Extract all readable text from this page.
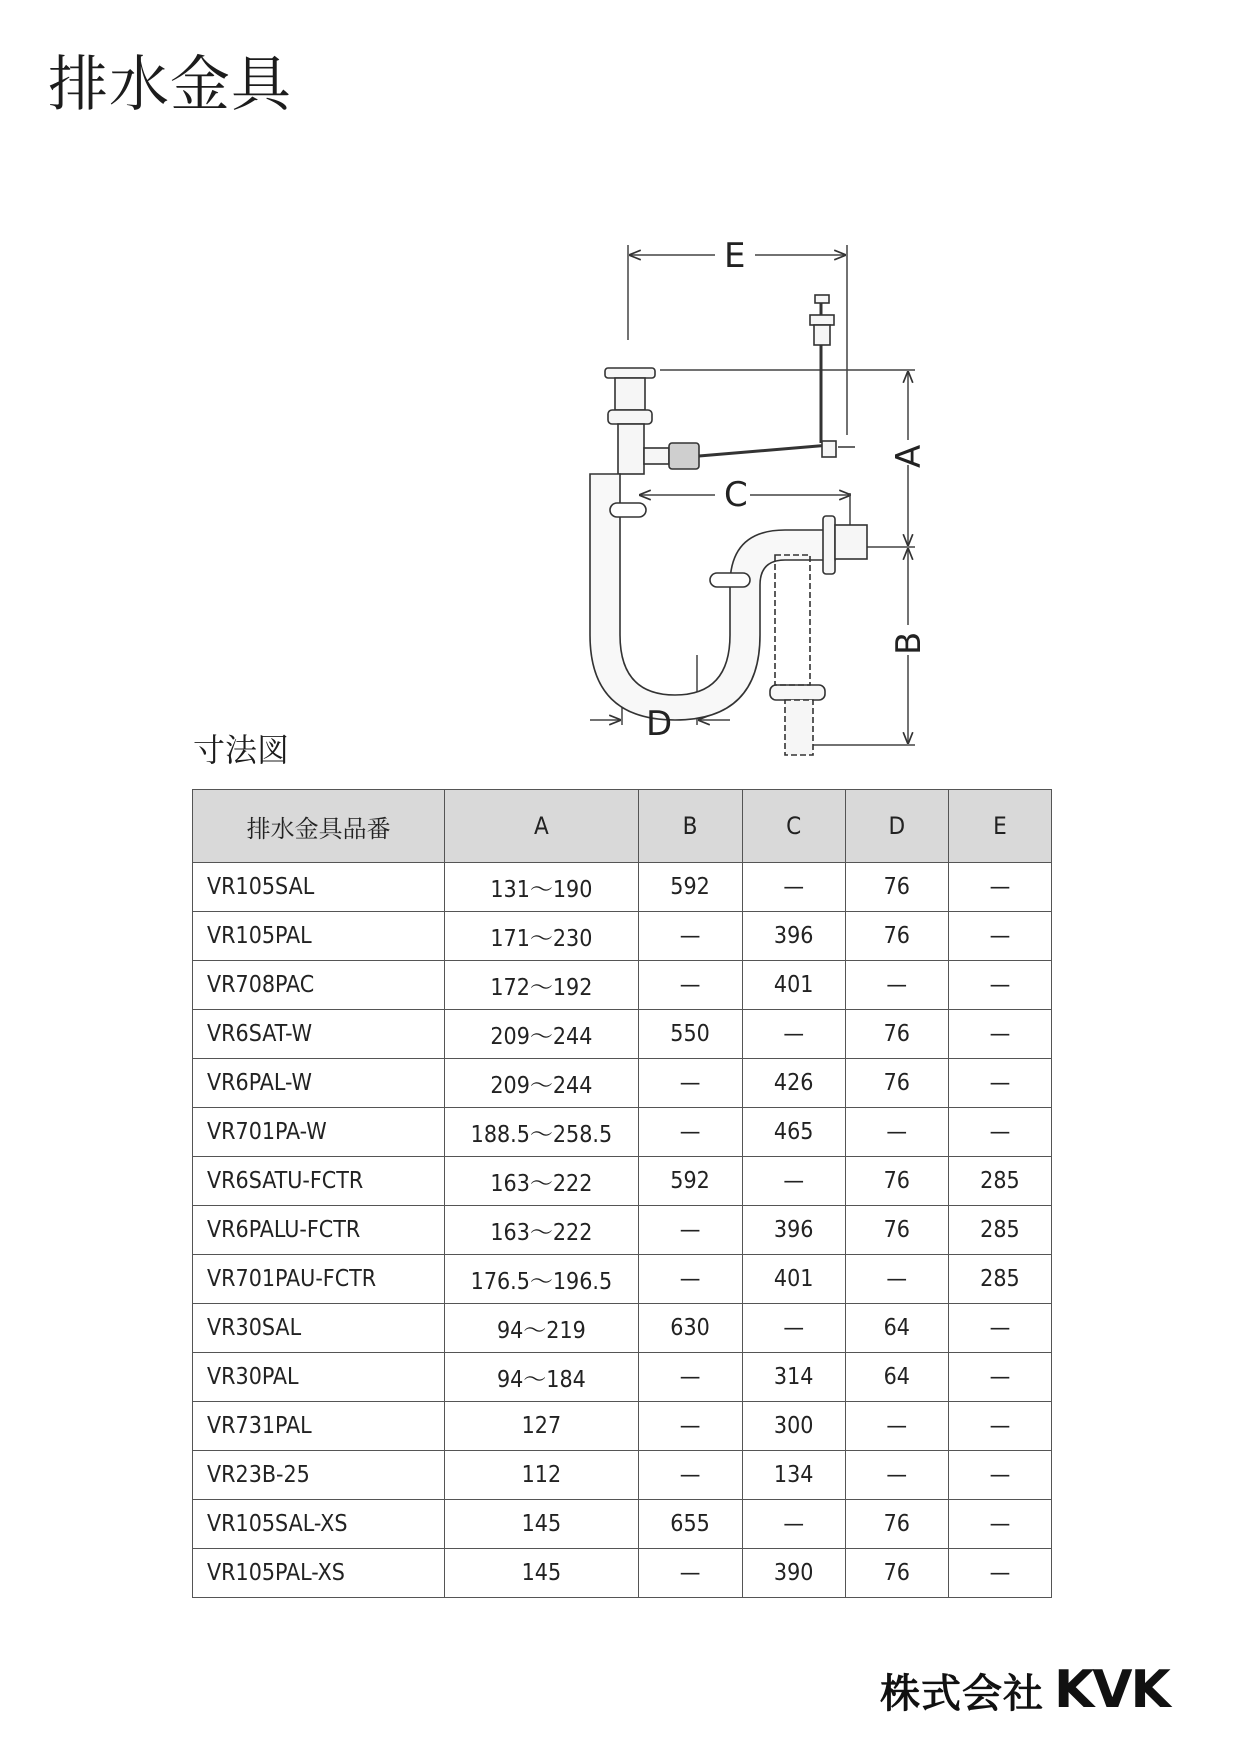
排水金具
E
C
D
A
B
寸法図
排水金具品番	A	B	C	D	E
VR105SAL	131〜190	592	—	76	—
VR105PAL	171〜230	—	396	76	—
VR708PAC	172〜192	—	401	—	—
VR6SAT-W	209〜244	550	—	76	—
VR6PAL-W	209〜244	—	426	76	—
VR701PA-W	188.5〜258.5	—	465	—	—
VR6SATU-FCTR	163〜222	592	—	76	285
VR6PALU-FCTR	163〜222	—	396	76	285
VR701PAU-FCTR	176.5〜196.5	—	401	—	285
VR30SAL	94〜219	630	—	64	—
VR30PAL	94〜184	—	314	64	—
VR731PAL	127	—	300	—	—
VR23B-25	112	—	134	—	—
VR105SAL-XS	145	655	—	76	—
VR105PAL-XS	145	—	390	76	—
株式会社 KVK
